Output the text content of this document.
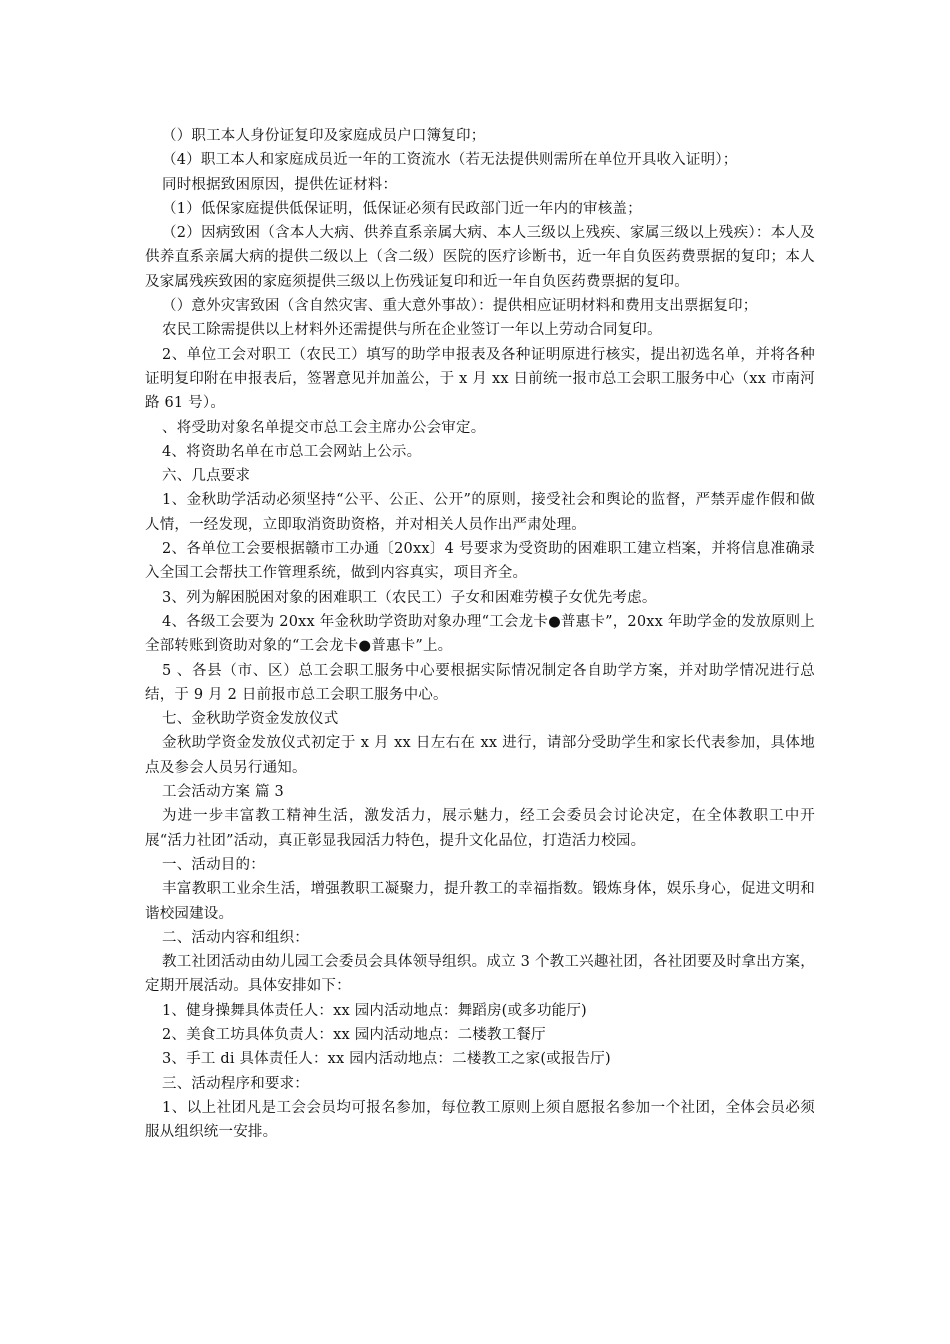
（）职工本人身份证复印及家庭成员户口簿复印；

（4）职工本人和家庭成员近一年的工资流水（若无法提供则需所在单位开具收入证明）；

同时根据致困原因，提供佐证材料：

（1）低保家庭提供低保证明，低保证必须有民政部门近一年内的审核盖；

（2）因病致困（含本人大病、供养直系亲属大病、本人三级以上残疾、家属三级以上残疾）：本人及供养直系亲属大病的提供二级以上（含二级）医院的医疗诊断书，近一年自负医药费票据的复印；本人及家属残疾致困的家庭须提供三级以上伤残证复印和近一年自负医药费票据的复印。

（）意外灾害致困（含自然灾害、重大意外事故）：提供相应证明材料和费用支出票据复印；

农民工除需提供以上材料外还需提供与所在企业签订一年以上劳动合同复印。

2、单位工会对职工（农民工）填写的助学申报表及各种证明原进行核实，提出初选名单，并将各种证明复印附在申报表后，签署意见并加盖公，于 x 月 xx 日前统一报市总工会职工服务中心（xx 市南河路 61 号）。

、将受助对象名单提交市总工会主席办公会审定。

4、将资助名单在市总工会网站上公示。

六、几点要求

1、金秋助学活动必须坚持“公平、公正、公开”的原则，接受社会和舆论的监督，严禁弄虚作假和做人情，一经发现，立即取消资助资格，并对相关人员作出严肃处理。

2、各单位工会要根据赣市工办通〔20xx〕4 号要求为受资助的困难职工建立档案，并将信息准确录入全国工会帮扶工作管理系统，做到内容真实，项目齐全。

3、列为解困脱困对象的困难职工（农民工）子女和困难劳模子女优先考虑。

4、各级工会要为 20xx 年金秋助学资助对象办理“工会龙卡●普惠卡”，20xx 年助学金的发放原则上全部转账到资助对象的“工会龙卡●普惠卡”上。

5 、各县（市、区）总工会职工服务中心要根据实际情况制定各自助学方案，并对助学情况进行总结，于 9 月 2 日前报市总工会职工服务中心。

七、金秋助学资金发放仪式

金秋助学资金发放仪式初定于 x 月 xx 日左右在 xx 进行，请部分受助学生和家长代表参加，具体地点及参会人员另行通知。

工会活动方案 篇 3

为进一步丰富教工精神生活，激发活力，展示魅力，经工会委员会讨论决定，在全体教职工中开展“活力社团”活动，真正彰显我园活力特色，提升文化品位，打造活力校园。

一、活动目的：

丰富教职工业余生活，增强教职工凝聚力，提升教工的幸福指数。锻炼身体，娱乐身心，促进文明和谐校园建设。

二、活动内容和组织：

教工社团活动由幼儿园工会委员会具体领导组织。成立 3 个教工兴趣社团，各社团要及时拿出方案，定期开展活动。具体安排如下：

1、健身操舞具体责任人：xx 园内活动地点：舞蹈房(或多功能厅)

2、美食工坊具体负责人：xx 园内活动地点：二楼教工餐厅

3、手工 di 具体责任人：xx 园内活动地点：二楼教工之家(或报告厅)

三、活动程序和要求：

1、以上社团凡是工会会员均可报名参加，每位教工原则上须自愿报名参加一个社团，全体会员必须服从组织统一安排。
